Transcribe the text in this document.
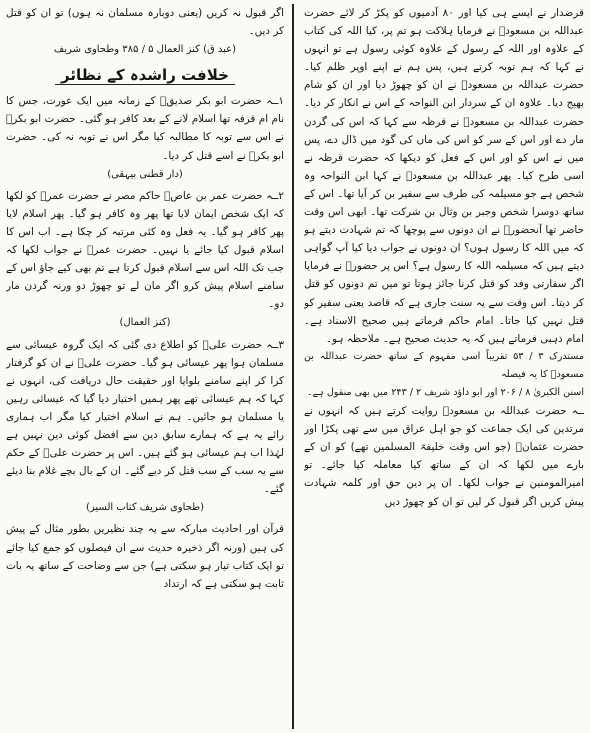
قرضدار نے ایسے ہی کیا اور ۸۰ آدمیوں کو پکڑ کر لائے حضرت عبداللہ بن مسعودؓ نے فرمایا ہلاکت ہو تم پر، کیا اللہ کی کتاب کے علاوہ اور اللہ کے رسول کے علاوہ کوئی رسول ہے تو انہوں نے کہا کہ ہم توبہ کرتے ہیں، پس ہم نے اپنے اوپر ظلم کیا۔ حضرت عبداللہ بن مسعودؓ نے ان کو چھوڑ دیا اور ان کو شام بھیج دیا۔ علاوہ ان کے سردار ابن النواحہ کے اس نے انکار کر دیا۔ حضرت عبداللہ بن مسعودؓ نے قرظہ سے کہا کہ اس کی گردن مار دے اور اس کے سر کو اس کی ماں کی گود میں ڈال دے، پس میں نے اس کو اور اس کے فعل کو دیکھا کہ حضرت قرظہ نے اسی طرح کیا۔ پھر عبداللہ بن مسعودؓ نے کہا ابن النواحہ وہ شخص ہے جو مسیلمہ کی طرف سے سفیر بن کر آیا تھا۔ اس کے ساتھ دوسرا شخص وجبر بن وثال بن شرکت تھا۔ ابھی اس وقت حاضر تھا آنحضورؐ نے ان دونوں سے پوچھا کہ تم شہادت دیتے ہو کہ میں اللہ کا رسول ہوں؟ ان دونوں نے جواب دیا کیا آپ گواہی دیتے ہیں کہ مسیلمہ اللہ کا رسول ہے؟ اس پر حضورؐ نے فرمایا اگر سفارتی وفد کو قتل کرنا جائز ہوتا تو میں تم دونوں کو قتل کر دیتا۔ اس وقت سے یہ سنت جاری ہے کہ قاصد یعنی سفیر کو قتل نہیں کیا جاتا۔ امام حاکم فرماتے ہیں صحیح الاسناد ہے۔ امام ذہبی فرماتے ہیں کہ یہ حدیث صحیح ہے۔ ملاحظہ ہو۔

مستدرک ۳ / ۵۳ تقریباً اسی مفہوم کے ساتھ حضرت عبداللہ بن مسعودؓ کا یہ فیصلہ

اسنن الکبریٰ ۸ / ۲۰۶ اور ابو داؤد شریف ۲ / ۲۴۳ میں بھی منقول ہے۔

ــہ حضرت عبداللہ بن مسعودؓ روایت کرتے ہیں کہ انہوں نے مرتدین کی ایک جماعت کو جو اہل عراق میں سے تھی پکڑا اور حضرت عثمانؓ (جو اس وقت خلیفۃ المسلمین تھے) کو ان کے بارے میں لکھا کہ ان کے ساتھ کیا معاملہ کیا جائے۔ تو امیرالمومنین نے جواب لکھا۔ ان پر دین حق اور کلمہ شہادت پیش کریں اگر قبول کر لیں تو ان کو چھوڑ دیں

اگر قبول نہ کریں (یعنی دوبارہ مسلمان نہ ہوں) تو ان کو قتل کر دیں۔

(عبد ق) کنز العمال ۵ / ۳۸۵ وطحاوی شریف
خلافت راشدہ کے نظائر

۱ــہ حضرت ابو بکر صدیقؓ کے زمانہ میں ایک عورت، جس کا نام ام قرفہ تھا اسلام لانے کے بعد کافر ہو گئی۔ حضرت ابو بکرؓ نے اس سے توبہ کا مطالبہ کیا مگر اس نے توبہ نہ کی۔ حضرت ابو بکرؓ نے اسے قتل کر دیا۔

(دار قطنی بیہقی)

۲ــہ حضرت عمر بن عاصؓ حاکم مصر نے حضرت عمرؓ کو لکھا کہ ایک شخص ایمان لایا تھا پھر وہ کافر ہو گیا۔ پھر اسلام لایا پھر کافر ہو گیا۔ یہ فعل وہ کئی مرتبہ کر چکا ہے۔ اب اس کا اسلام قبول کیا جائے یا نہیں۔ حضرت عمرؓ نے جواب لکھا کہ جب تک اللہ اس سے اسلام قبول کرتا ہے تم بھی کیے جاؤ اس کے سامنے اسلام پیش کرو اگر مان لے تو چھوڑ دو ورنہ گردن مار دو۔

(کنز العمال)

۳ــہ حضرت علیؓ کو اطلاع دی گئی کہ ایک گروہ عیسائی سے مسلمان ہوا پھر عیسائی ہو گیا۔ حضرت علیؓ نے ان کو گرفتار کرا کر اپنے سامنے بلوایا اور حقیقت حال دریافت کی، انہوں نے کہا کہ ہم عیسائی تھے پھر ہمیں اختیار دیا گیا کہ عیسائی رہیں یا مسلمان ہو جائیں۔ ہم نے اسلام اختیار کیا مگر اب ہماری رائے یہ ہے کہ ہمارے سابق دین سے افضل کوئی دین نہیں ہے لہٰذا اب ہم عیسائی ہو گئے ہیں۔ اس پر حضرت علیؓ کے حکم سے یہ سب کے سب قتل کر دیے گئے۔ ان کے بال بچے غلام بنا دیئے گئے۔

(طحاوی شریف کتاب السیر)

قرآن اور احادیث مبارکہ سے یہ چند نظیریں بطور مثال کے پیش کی ہیں (ورنہ اگر ذخیرہ حدیث سے ان فیصلوں کو جمع کیا جائے تو ایک کتاب تیار ہو سکتی ہے) جن سے وضاحت کے ساتھ یہ بات ثابت ہو سکتی ہے کہ ارتداد
